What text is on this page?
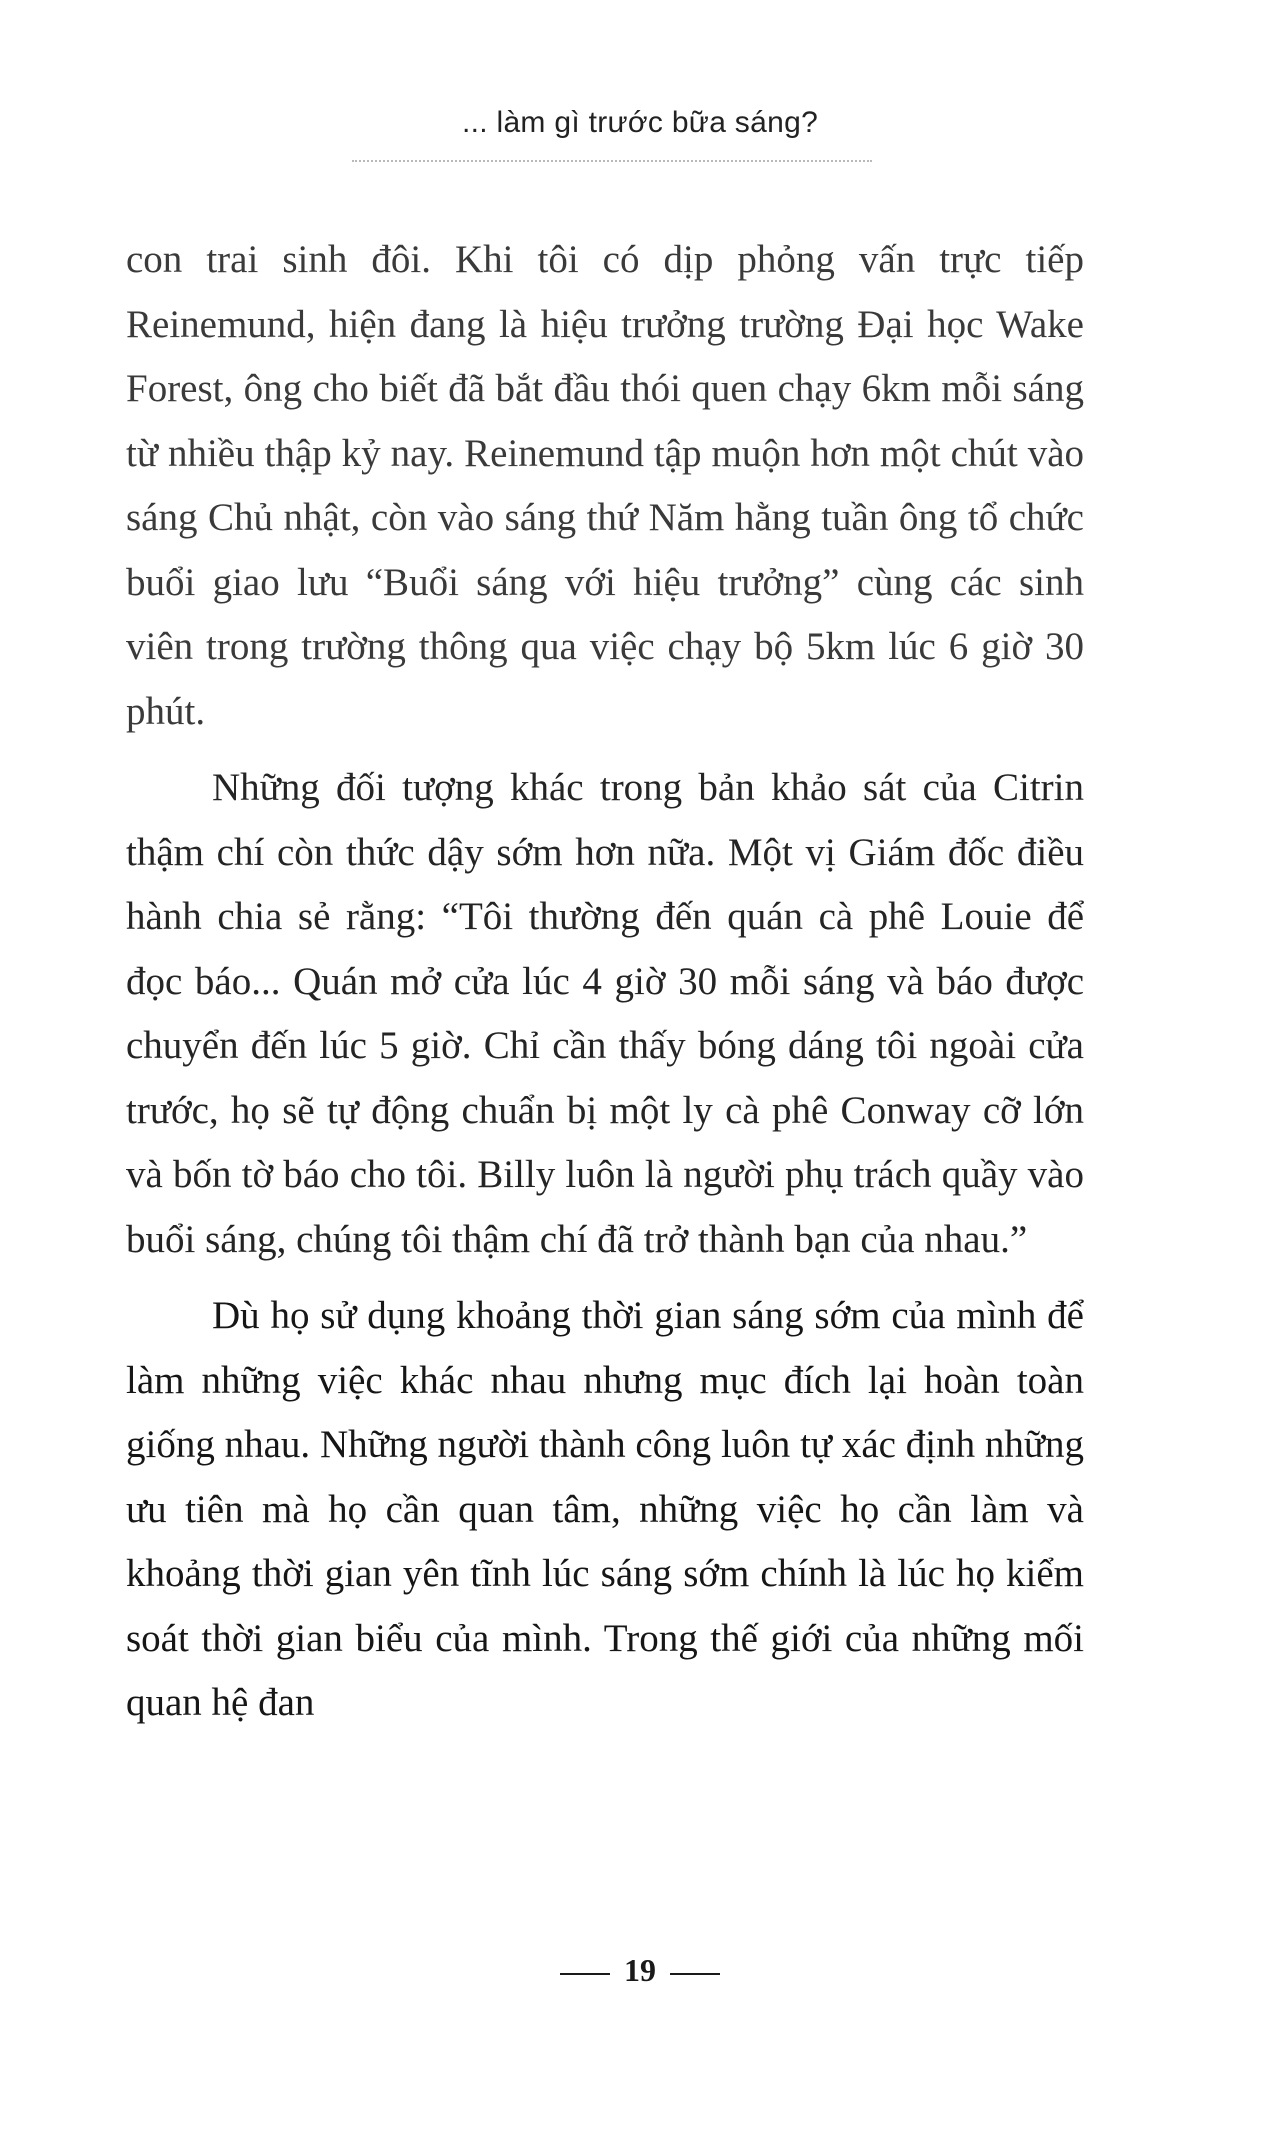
... làm gì trước bữa sáng?

con trai sinh đôi. Khi tôi có dịp phỏng vấn trực tiếp Reinemund, hiện đang là hiệu trưởng trường Đại học Wake Forest, ông cho biết đã bắt đầu thói quen chạy 6km mỗi sáng từ nhiều thập kỷ nay. Reinemund tập muộn hơn một chút vào sáng Chủ nhật, còn vào sáng thứ Năm hằng tuần ông tổ chức buổi giao lưu “Buổi sáng với hiệu trưởng” cùng các sinh viên trong trường thông qua việc chạy bộ 5km lúc 6 giờ 30 phút.

Những đối tượng khác trong bản khảo sát của Citrin thậm chí còn thức dậy sớm hơn nữa. Một vị Giám đốc điều hành chia sẻ rằng: “Tôi thường đến quán cà phê Louie để đọc báo... Quán mở cửa lúc 4 giờ 30 mỗi sáng và báo được chuyển đến lúc 5 giờ. Chỉ cần thấy bóng dáng tôi ngoài cửa trước, họ sẽ tự động chuẩn bị một ly cà phê Conway cỡ lớn và bốn tờ báo cho tôi. Billy luôn là người phụ trách quầy vào buổi sáng, chúng tôi thậm chí đã trở thành bạn của nhau.”

Dù họ sử dụng khoảng thời gian sáng sớm của mình để làm những việc khác nhau nhưng mục đích lại hoàn toàn giống nhau. Những người thành công luôn tự xác định những ưu tiên mà họ cần quan tâm, những việc họ cần làm và khoảng thời gian yên tĩnh lúc sáng sớm chính là lúc họ kiểm soát thời gian biểu của mình. Trong thế giới của những mối quan hệ đan

19
